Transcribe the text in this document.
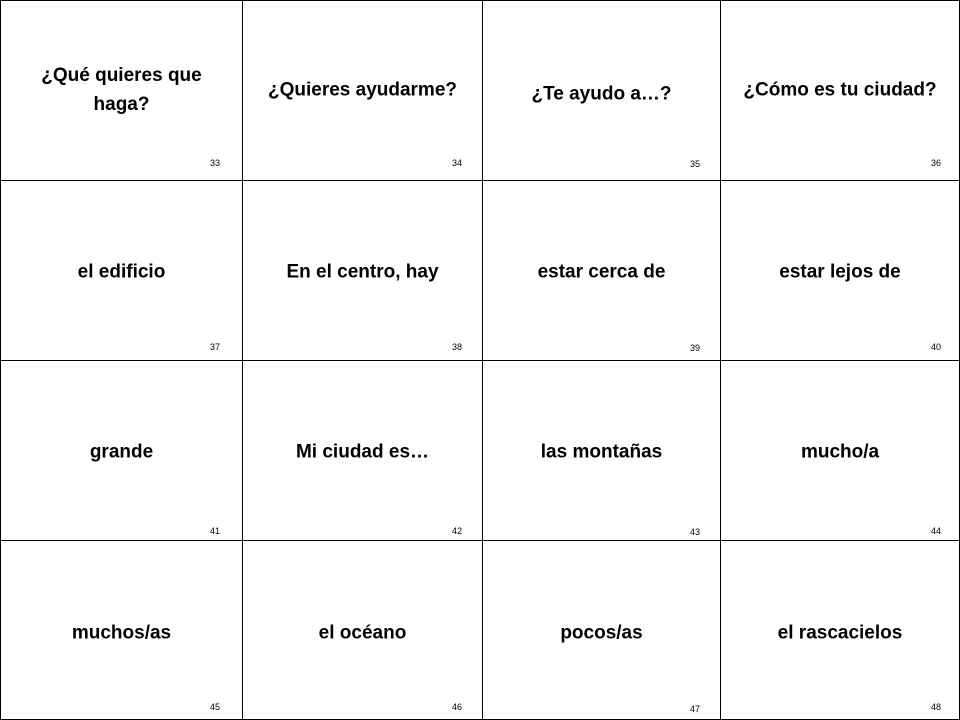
¿Qué quieres que haga?
33
¿Quieres ayudarme?
34
¿Te ayudo a…?
35
¿Cómo es tu ciudad?
36
el edificio
37
En el centro, hay
38
estar cerca de
39
estar lejos de
40
grande
41
Mi ciudad es…
42
las montañas
43
mucho/a
44
muchos/as
45
el océano
46
pocos/as
47
el rascacielos
48
